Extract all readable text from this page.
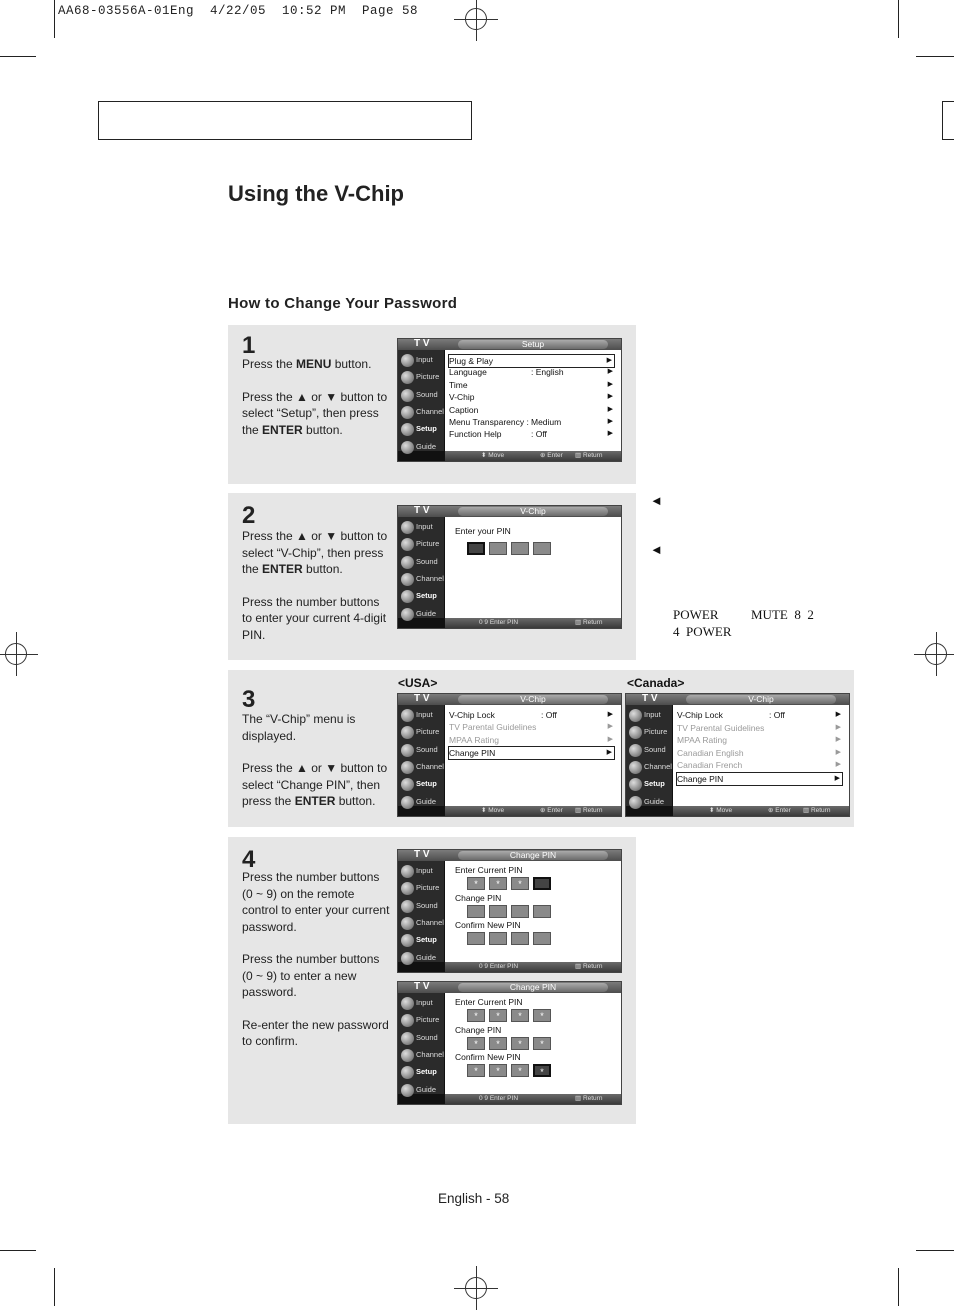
AA68-03556A-01Eng  4/22/05  10:52 PM  Page 58
Using the V-Chip
How to Change Your Password
1

Press the MENU button.

Press the ▲ or ▼ button to select “Setup”, then press the ENTER button.

2

Press the ▲ or ▼ button to select “V-Chip”, then press the ENTER button.

Press the number buttons to enter your current 4-digit PIN.

3

The “V-Chip” menu is displayed.

Press the ▲ or ▼ button to select “Change PIN”, then press the ENTER button.

4

Press the number buttons (0 ~ 9) on the remote control to enter your current password.

Press the number buttons (0 ~ 9) to enter a new password.

Re-enter the new password to confirm.

◄
◄
POWER          MUTE  8  2
4  POWER
<USA>	<Canada>
T V	Setup
Input
Picture
Sound
Channel
Setup
Guide
Plug & Play	▶
Language	: English	▶
Time	▶
V-Chip	▶
Caption	▶
Menu Transparency : Medium	▶
Function Help	: Off	▶
⬍ Move	⊕ Enter ▥ Return
T V	V-Chip
Input
Picture
Sound
Channel
Setup
Guide
Enter your PIN
0 9 Enter PIN	▥ Return
T V	V-Chip
Input
Picture
Sound
Channel
Setup
Guide
V-Chip Lock	: Off	▶
TV Parental Guidelines	▶
MPAA Rating	▶
Change PIN	▶
⬍ Move	⊕ Enter ▥ Return
T V	V-Chip
Input
Picture
Sound
Channel
Setup
Guide
V-Chip Lock	: Off	▶
TV Parental Guidelines	▶
MPAA Rating	▶
Canadian English	▶
Canadian French	▶
Change PIN	▶
⬍ Move	⊕ Enter ▥ Return
T V	Change PIN
Input
Picture
Sound
Channel
Setup
Guide
Enter Current PIN
*	*	*
Change PIN
Confirm New PIN
0 9 Enter PIN	▥ Return
T V	Change PIN
Input
Picture
Sound
Channel
Setup
Guide
Enter Current PIN
*	*	*	*
Change PIN
*	*	*	*
Confirm New PIN
*	*	*	*
0 9 Enter PIN	▥ Return
English - 58
